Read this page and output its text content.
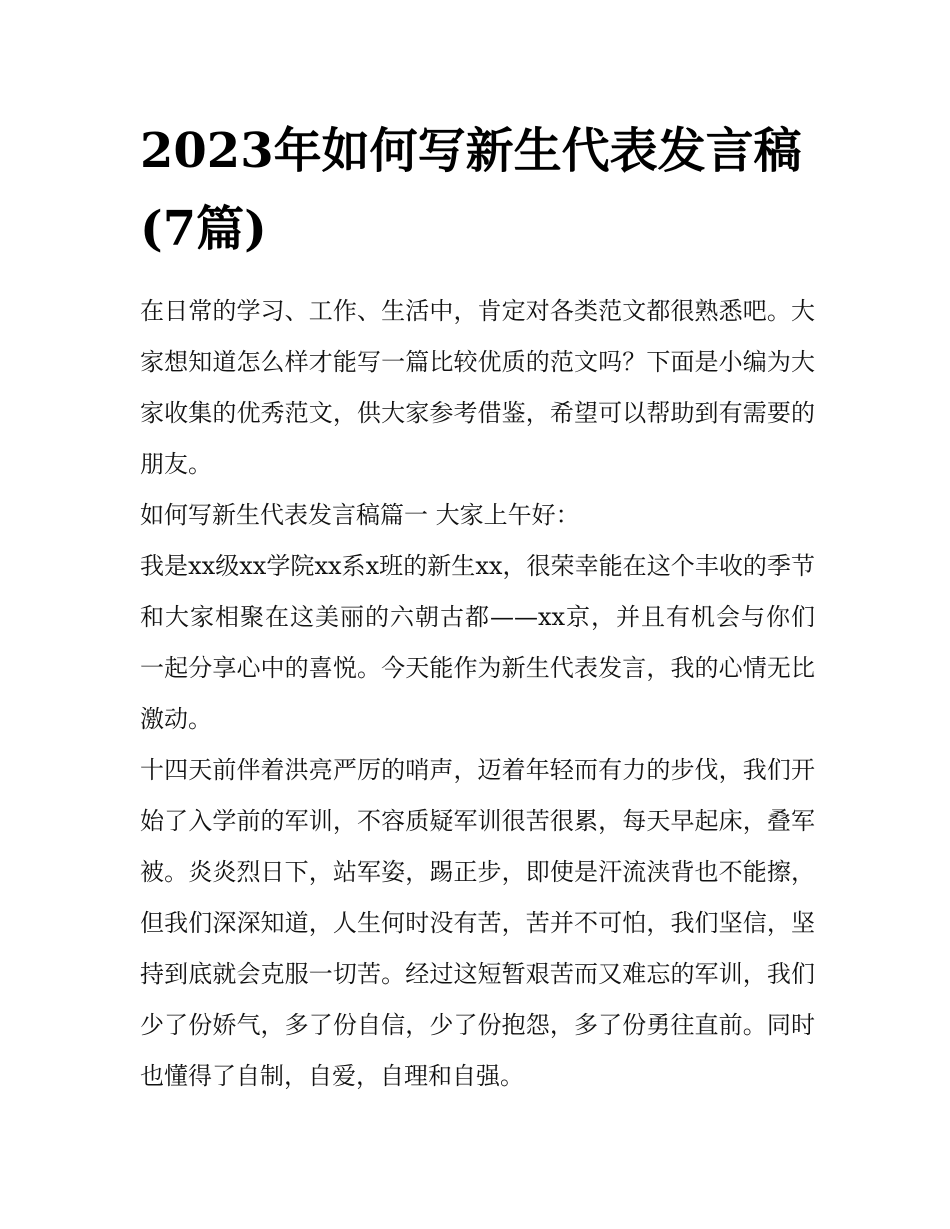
2023年如何写新生代表发言稿(7篇)

在日常的学习、工作、生活中，肯定对各类范文都很熟悉吧。大家想知道怎么样才能写一篇比较优质的范文吗？下面是小编为大家收集的优秀范文，供大家参考借鉴，希望可以帮助到有需要的朋友。

如何写新生代表发言稿篇一 大家上午好：

我是xx级xx学院xx系x班的新生xx，很荣幸能在这个丰收的季节和大家相聚在这美丽的六朝古都——xx京，并且有机会与你们一起分享心中的喜悦。今天能作为新生代表发言，我的心情无比激动。

十四天前伴着洪亮严厉的哨声，迈着年轻而有力的步伐，我们开始了入学前的军训，不容质疑军训很苦很累，每天早起床，叠军被。炎炎烈日下，站军姿，踢正步，即使是汗流浃背也不能擦，但我们深深知道，人生何时没有苦，苦并不可怕，我们坚信，坚持到底就会克服一切苦。经过这短暂艰苦而又难忘的军训，我们少了份娇气，多了份自信，少了份抱怨，多了份勇往直前。同时也懂得了自制，自爱，自理和自强。
